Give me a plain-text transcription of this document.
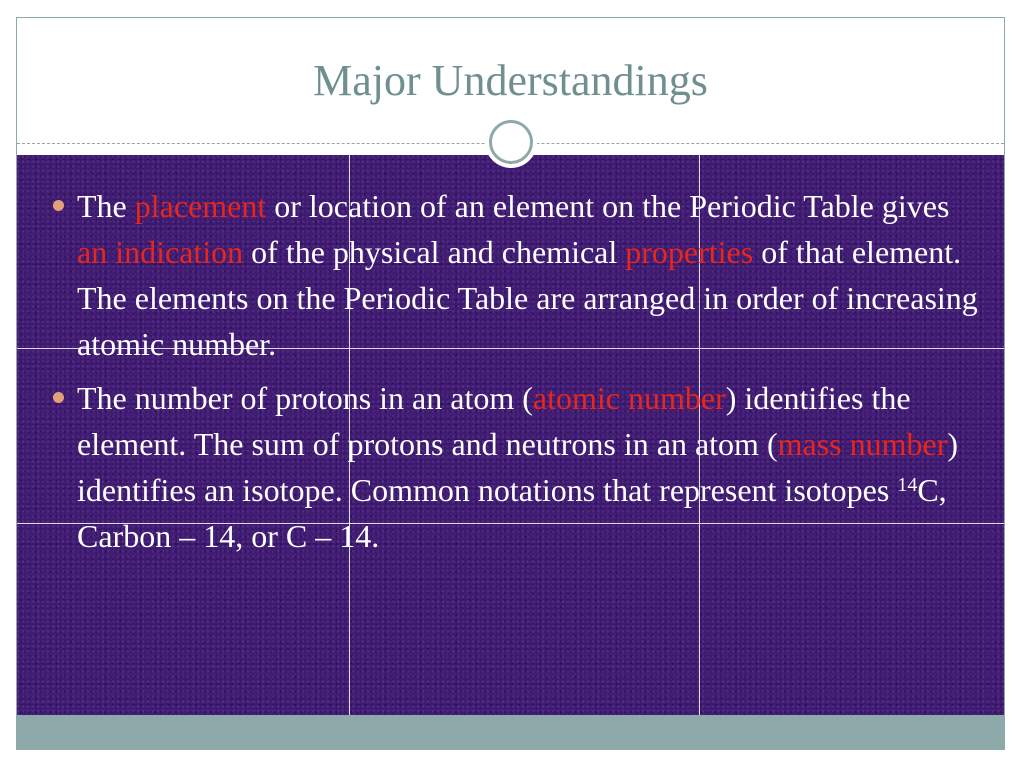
Major Understandings
The placement or location of an element on the Periodic Table gives an indication of the physical and chemical properties of that element. The elements on the Periodic Table are arranged in order of increasing atomic number.
The number of protons in an atom (atomic number) identifies the element. The sum of protons and neutrons in an atom (mass number) identifies an isotope. Common notations that represent isotopes $^{14}$C, Carbon – 14, or C – 14.
